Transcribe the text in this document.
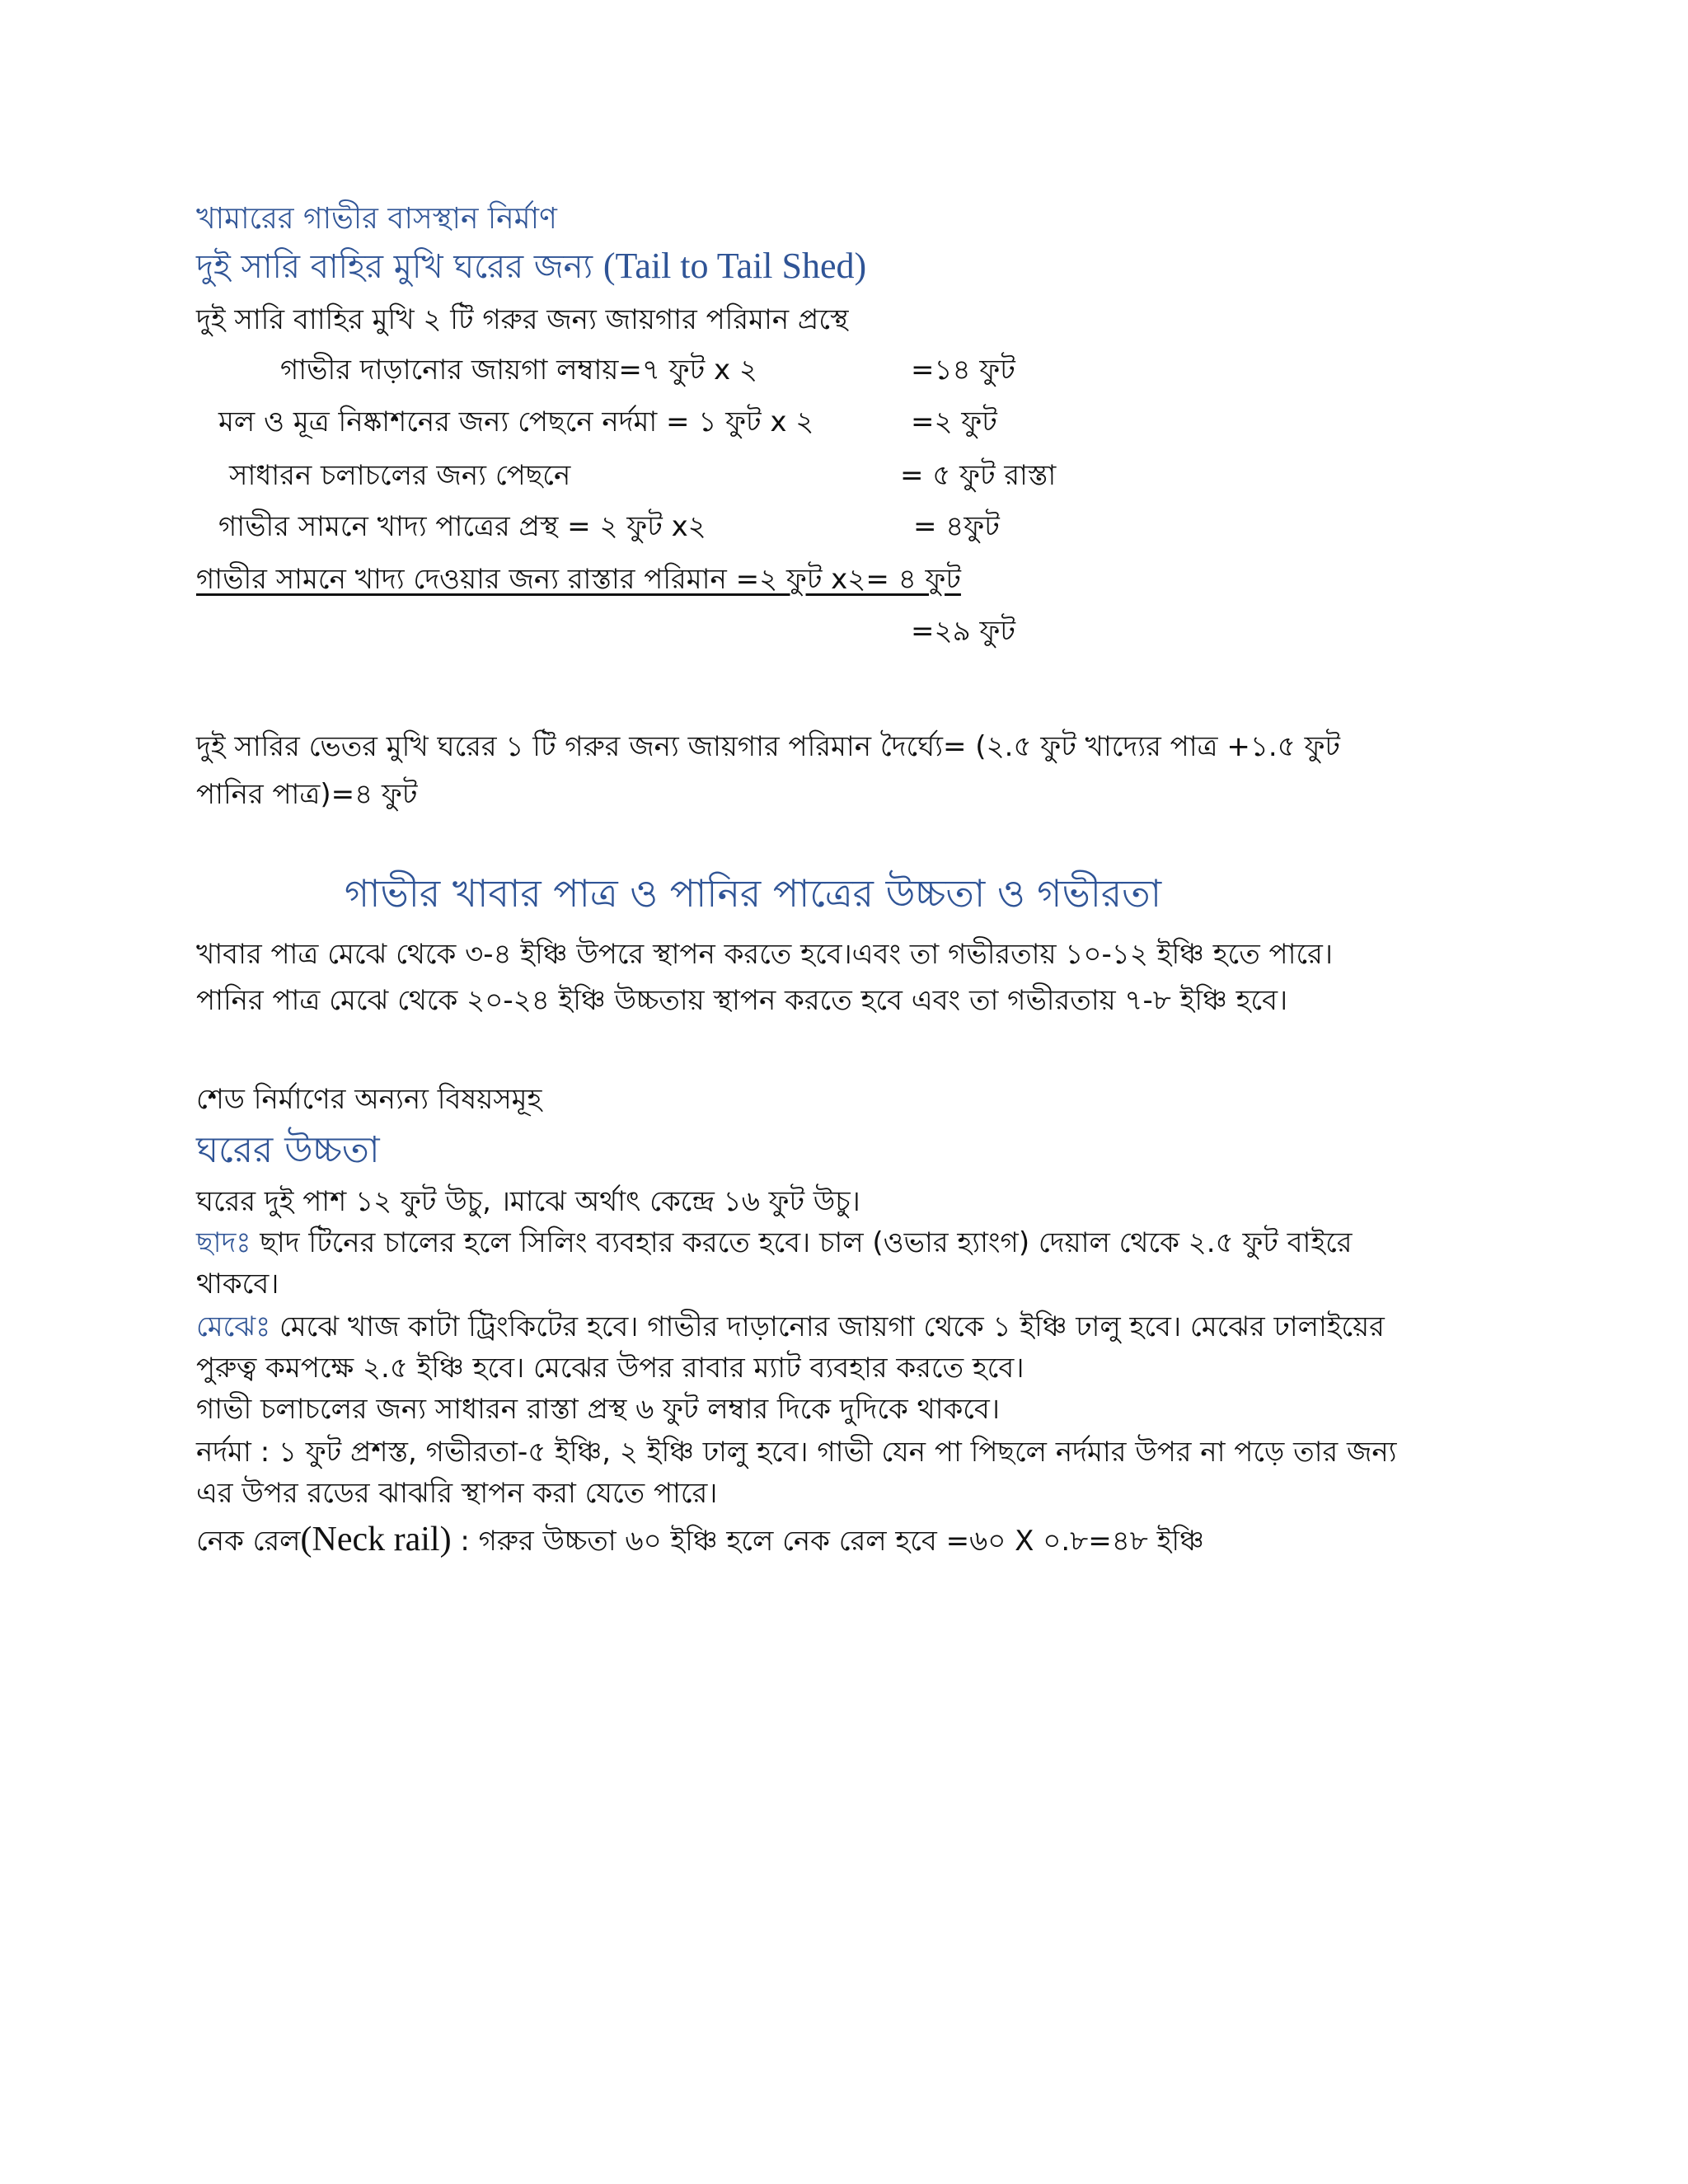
খামারের গাভীর বাসস্থান নির্মাণ
দুই সারি বাহির মুখি ঘরের জন্য (Tail to Tail Shed)
দুই সারি বাাহির মুখি ২ টি গরুর জন্য জায়গার পরিমান প্রস্থে
গাভীর দাড়ানোর জায়গা লম্বায়=৭ ফুট x ২	=১৪ ফুট
মল ও মূত্র নিষ্কাশনের জন্য পেছনে নর্দমা = ১ ফুট x ২	=২ ফুট
সাধারন চলাচলের জন্য পেছনে	= ৫ ফুট রাস্তা
গাভীর সামনে খাদ্য পাত্রের প্রস্থ = ২ ফুট x২	= ৪ফুট
গাভীর সামনে খাদ্য দেওয়ার জন্য রাস্তার পরিমান =২ ফুট x২= ৪ ফুট
=২৯ ফুট
দুই সারির ভেতর মুখি ঘরের ১ টি গরুর জন্য জায়গার পরিমান দৈর্ঘ্যে= (২.৫ ফুট খাদ্যের পাত্র +১.৫ ফুট
পানির পাত্র)=৪ ফুট
গাভীর খাবার পাত্র ও পানির পাত্রের উচ্চতা ও গভীরতা
খাবার পাত্র মেঝে থেকে ৩-৪ ইঞ্চি উপরে স্থাপন করতে হবে।এবং তা গভীরতায় ১০-১২ ইঞ্চি হতে পারে।
পানির পাত্র মেঝে থেকে ২০-২৪ ইঞ্চি উচ্চতায় স্থাপন করতে হবে এবং তা গভীরতায় ৭-৮ ইঞ্চি হবে।
শেড নির্মাণের অন্যন্য বিষয়সমূহ
ঘরের উচ্চতা
ঘরের দুই পাশ ১২ ফুট উচু, ।মাঝে অর্থাৎ কেন্দ্রে ১৬ ফুট উচু।
ছাদঃ ছাদ টিনের চালের হলে সিলিং ব্যবহার করতে হবে। চাল (ওভার হ্যাংগ) দেয়াল থেকে ২.৫ ফুট বাইরে
থাকবে।
মেঝেঃ মেঝে খাজ কাটা ট্রিংকিটের হবে। গাভীর দাড়ানোর জায়গা থেকে ১ ইঞ্চি ঢালু হবে। মেঝের ঢালাইয়ের
পুরুত্ব কমপক্ষে ২.৫ ইঞ্চি হবে। মেঝের উপর রাবার ম্যাট ব্যবহার করতে হবে।
গাভী চলাচলের জন্য সাধারন রাস্তা প্রস্থ ৬ ফুট লম্বার দিকে দুদিকে থাকবে।
নর্দমা : ১ ফুট প্রশস্ত, গভীরতা-৫ ইঞ্চি, ২ ইঞ্চি ঢালু হবে। গাভী যেন পা পিছলে নর্দমার উপর না পড়ে তার জন্য
এর উপর রডের ঝাঝরি স্থাপন করা যেতে পারে।
নেক রেল(Neck rail) : গরুর উচ্চতা ৬০ ইঞ্চি হলে নেক রেল হবে =৬০ X ০.৮=৪৮ ইঞ্চি
